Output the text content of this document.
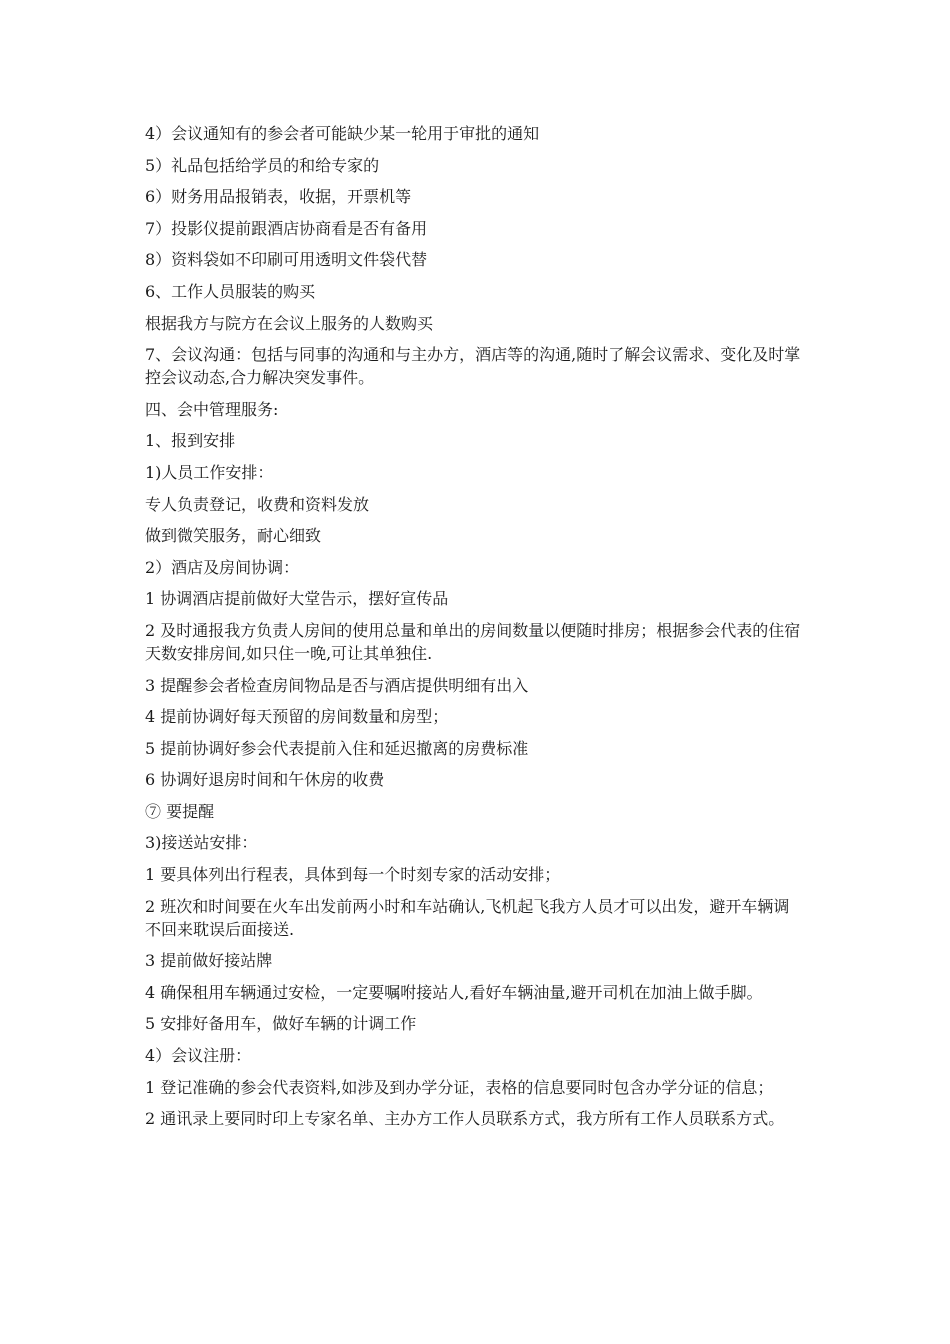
4）会议通知有的参会者可能缺少某一轮用于审批的通知

5）礼品包括给学员的和给专家的

6）财务用品报销表，收据，开票机等

7）投影仪提前跟酒店协商看是否有备用

8）资料袋如不印刷可用透明文件袋代替

6、工作人员服装的购买

根据我方与院方在会议上服务的人数购买

7、会议沟通：包括与同事的沟通和与主办方，酒店等的沟通,随时了解会议需求、变化及时掌控会议动态,合力解决突发事件。

四、会中管理服务:

1、报到安排

1)人员工作安排：

专人负责登记，收费和资料发放

做到微笑服务，耐心细致

2）酒店及房间协调：

1 协调酒店提前做好大堂告示，摆好宣传品

2 及时通报我方负责人房间的使用总量和单出的房间数量以便随时排房；根据参会代表的住宿天数安排房间,如只住一晚,可让其单独住.

3 提醒参会者检查房间物品是否与酒店提供明细有出入

4 提前协调好每天预留的房间数量和房型；

5 提前协调好参会代表提前入住和延迟撤离的房费标准

6 协调好退房时间和午休房的收费

⑦ 要提醒

3)接送站安排：

1 要具体列出行程表，具体到每一个时刻专家的活动安排；

2 班次和时间要在火车出发前两小时和车站确认,飞机起飞我方人员才可以出发，避开车辆调不回来耽误后面接送.

3 提前做好接站牌

4 确保租用车辆通过安检，一定要嘱咐接站人,看好车辆油量,避开司机在加油上做手脚。

5 安排好备用车，做好车辆的计调工作

4）会议注册：

1 登记准确的参会代表资料,如涉及到办学分证，表格的信息要同时包含办学分证的信息；

2 通讯录上要同时印上专家名单、主办方工作人员联系方式，我方所有工作人员联系方式。
